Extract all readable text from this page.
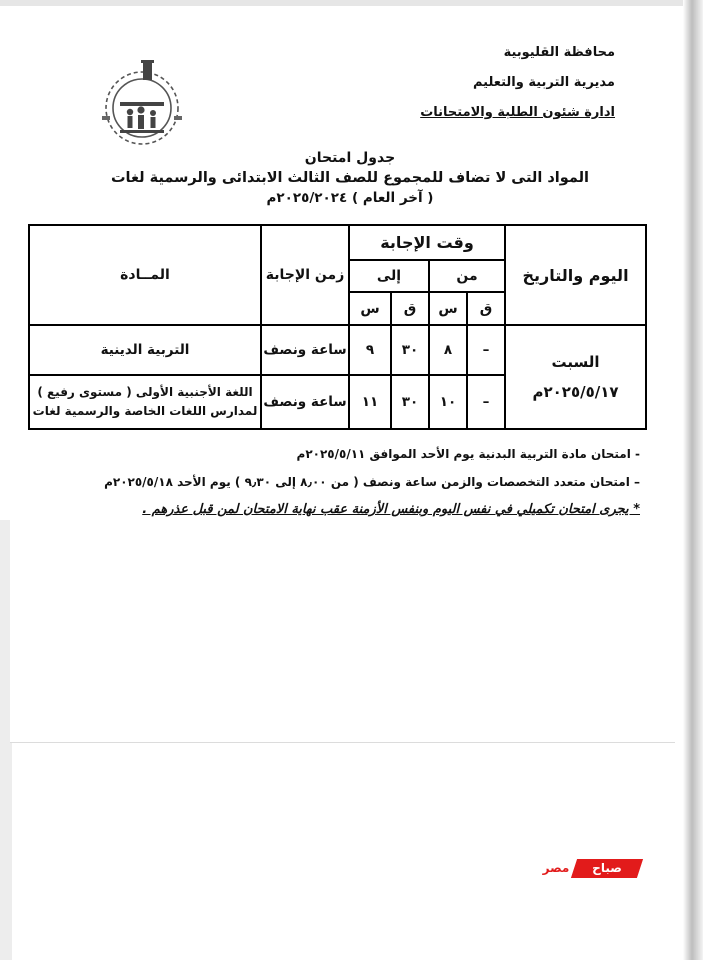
محافظة القليوبية
مديرية التربية والتعليم
ادارة شئون الطلبة والامتحانات
جدول امتحان
المواد التى لا تضاف للمجموع للصف الثالث الابتدائى والرسمية لغات
( آخر العام ) ٢٠٢٥/٢٠٢٤م
المــادة	زمن الإجابة	وقت الإجابة				اليوم والتاريخ
		إلى		من		
		س	ق	س	ق	
التربية الدينية	ساعة ونصف	٩	٣٠	٨	–	السبت
٢٠٢٥/٥/١٧م

اللغة الأجنبية الأولى ( مستوى رفيع )
لمدارس اللغات الخاصة والرسمية لغات	ساعة ونصف	١١	٣٠	١٠	–	
- امتحان مادة التربية البدنية يوم الأحد الموافق ٢٠٢٥/٥/١١م
– امتحان متعدد التخصصات والزمن ساعة ونصف ( من ٨٫٠٠ إلى ٩٫٣٠ ) يوم الأحد ٢٠٢٥/٥/١٨م
* يجرى امتحان تكميلي في نفس اليوم وبنفس الأزمنة عقب نهاية الامتحان لمن قبل عذرهم .
صباح
مصر
